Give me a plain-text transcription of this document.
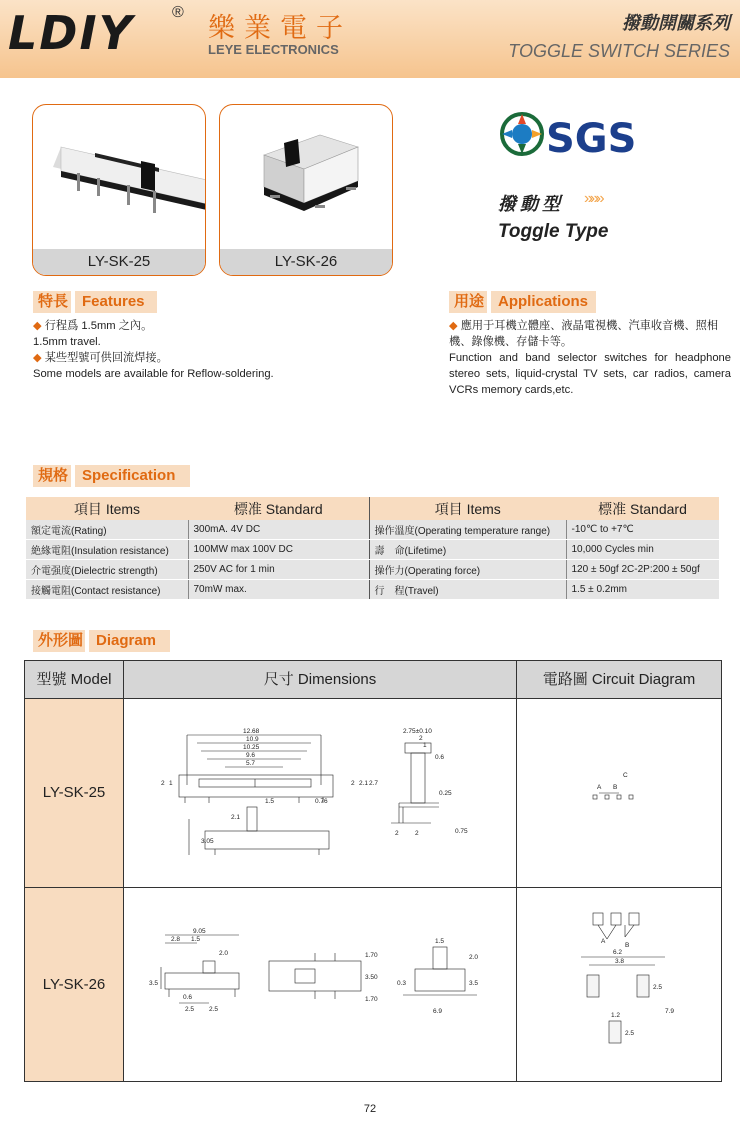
LDIY ®
樂業電子
LEYE ELECTRONICS
撥動開關系列
TOGGLE SWITCH SERIES
LY-SK-25	LY-SK-26
SGS
撥動型 »»»
Toggle Type
特長 Features
◆ 行程爲 1.5mm 之內。
1.5mm travel.
◆ 某些型號可供回流焊接。
Some models are available for Reflow-soldering.
用途 Applications
◆ 應用于耳機立體座、液晶電視機、汽車收音機、照相機、錄像機、存儲卡等。
Function and band selector switches for headphone stereo sets, liquid-crystal TV sets, car radios, camera VCRs memory cards,etc.
規格 Specification
項目 Items	標准 Standard	項目 Items	標准 Standard
額定電流(Rating)	300mA. 4V DC	操作溫度(Operating temperature range)	-10℃ to +7℃
絶緣電阻(Insulation resistance)	100MW max 100V DC	壽　命(Lifetime)	10,000 Cycles min
介電强度(Dielectric strength)	250V AC for 1 min	操作力(Operating force)	120 ± 50gf 2C-2P:200 ± 50gf
接觸電阻(Contact resistance)	70mW max.	行　程(Travel)	1.5 ± 0.2mm
外形圖 Diagram
型號 Model	尺寸 Dimensions	電路圖 Circuit Diagram
LY-SK-25
LY-SK-26
12.68
10.9
10.25
9.6
5.7
2 1
0.76
2 2.1 2.7
1.5
2.1
3.05
2.75±0.10
2
1
0.6
0.25
2	2	0.75
A B
C
9.05
2.8 1.5
2.0
3.5
0.6
2.5 2.5
1.70
3.50
1.70
1.5
2.0
3.5
0.3
6.9
A
B
6.2
3.8
2.5
1.2
2.5
7.9
72
